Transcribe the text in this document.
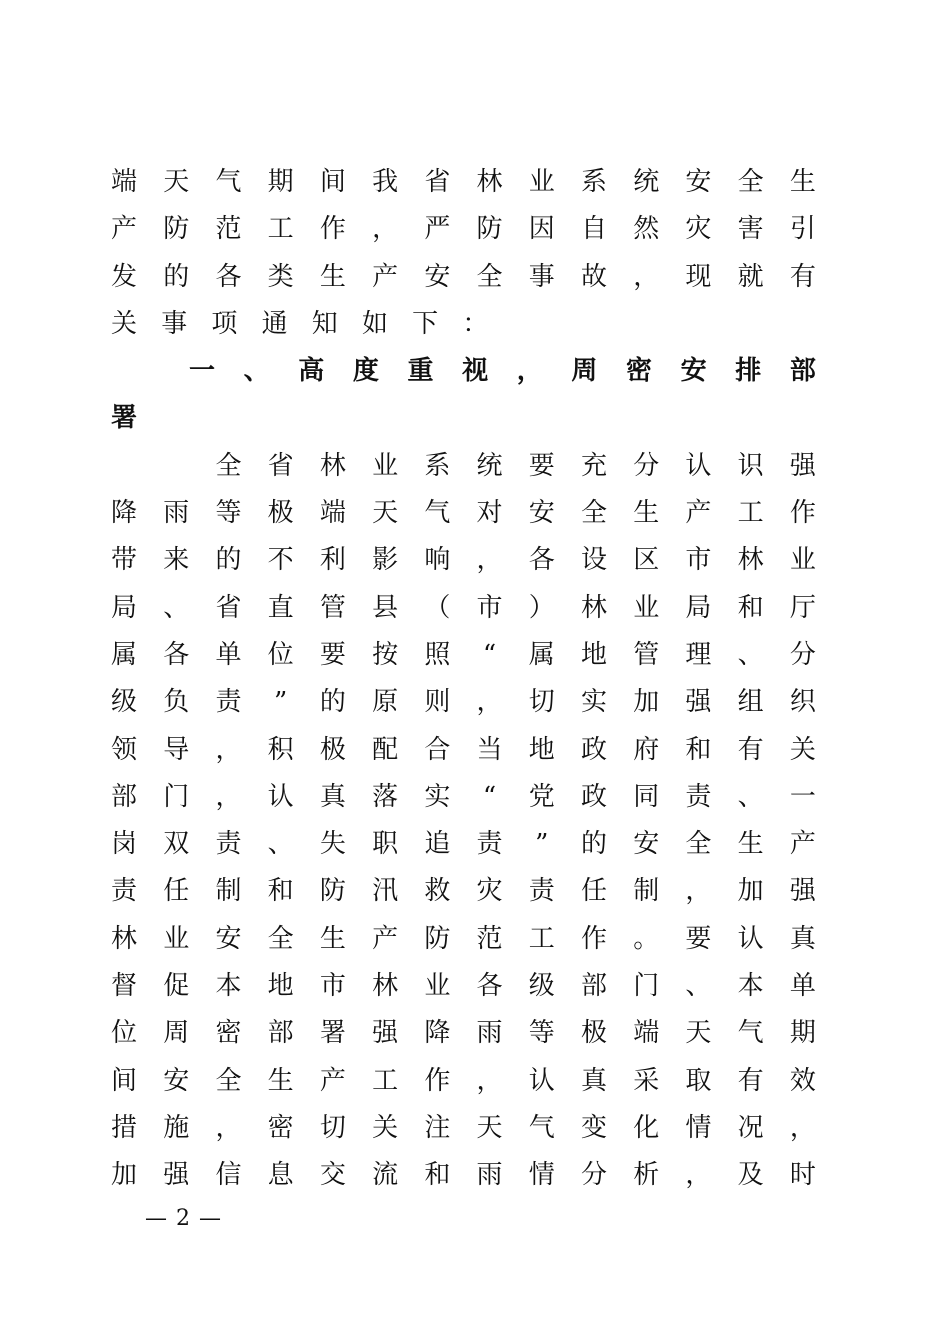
端 天 气 期 间 我 省 林 业 系 统 安 全 生
产 防 范 工 作 ， 严 防 因 自 然 灾 害 引
发 的 各 类 生 产 安 全 事 故 ， 现 就 有
关 事 项 通 知 如 下 ：
一 、 高 度 重 视 ， 周 密 安 排 部
署

全 省 林 业 系 统 要 充 分 认 识 强
降 雨 等 极 端 天 气 对 安 全 生 产 工 作
带 来 的 不 利 影 响 ， 各 设 区 市 林 业
局 、 省 直 管 县 （ 市 ） 林 业 局 和 厅
属 各 单 位 要 按 照 “ 属 地 管 理 、 分
级 负 责 ” 的 原 则 ， 切 实 加 强 组 织
领 导 ， 积 极 配 合 当 地 政 府 和 有 关
部 门 ， 认 真 落 实 “ 党 政 同 责 、 一
岗 双 责 、 失 职 追 责 ” 的 安 全 生 产
责 任 制 和 防 汛 救 灾 责 任 制 ， 加 强
林 业 安 全 生 产 防 范 工 作 。 要 认 真
督 促 本 地 市 林 业 各 级 部 门 、 本 单
位 周 密 部 署 强 降 雨 等 极 端 天 气 期
间 安 全 生 产 工 作 ， 认 真 采 取 有 效
措 施 ， 密 切 关 注 天 气 变 化 情 况 ，
加 强 信 息 交 流 和 雨 情 分 析 ， 及 时
— 2 —
